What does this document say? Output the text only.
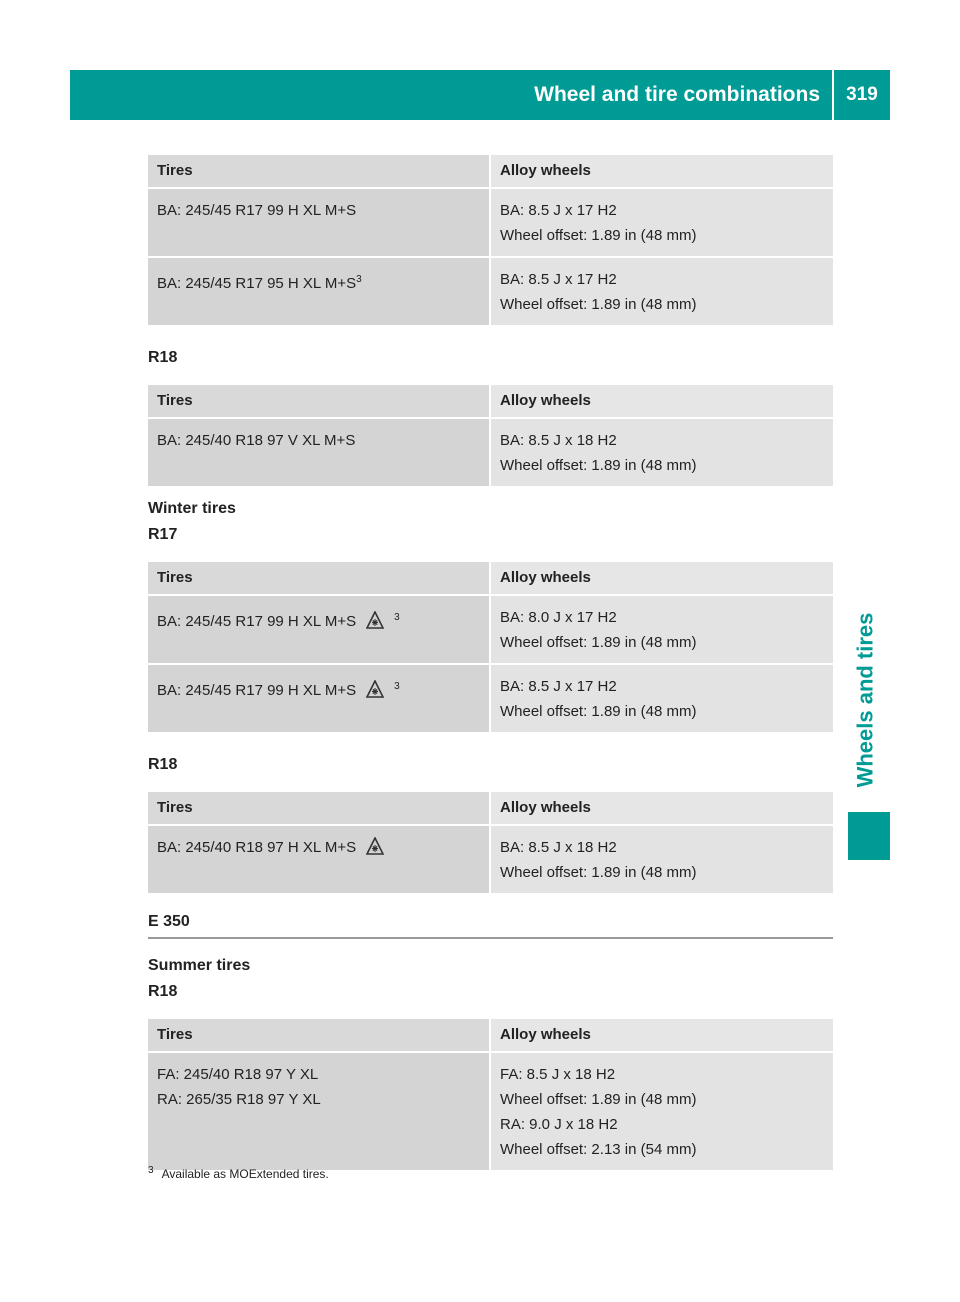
Wheel and tire combinations	319
Wheels and tires
Tires	Alloy wheels

BA: 245/45 R17 99 H XL M+S	BA: 8.5 J x 17 H2
Wheel offset: 1.89 in (48 mm)

BA: 245/45 R17 95 H XL $M+S^3$	BA: 8.5 J x 17 H2
Wheel offset: 1.89 in (48 mm)
R18
Tires	Alloy wheels

BA: 245/40 R18 97 V XL M+S	BA: 8.5 J x 18 H2
Wheel offset: 1.89 in (48 mm)
Winter tires
R17
Tires	Alloy wheels

BA: 245/45 R17 99 H XL M+S $^3$	BA: 8.0 J x 17 H2
Wheel offset: 1.89 in (48 mm)

BA: 245/45 R17 99 H XL M+S $^3$	BA: 8.5 J x 17 H2
Wheel offset: 1.89 in (48 mm)
R18
Tires	Alloy wheels

BA: 245/40 R18 97 H XL M+S	BA: 8.5 J x 18 H2
Wheel offset: 1.89 in (48 mm)
E 350
Summer tires
R18
Tires	Alloy wheels

FA: 245/40 R18 97 Y XL
RA: 265/35 R18 97 Y XL	FA: 8.5 J x 18 H2
Wheel offset: 1.89 in (48 mm)
RA: 9.0 J x 18 H2
Wheel offset: 2.13 in (54 mm)
$^3$ Available as MOExtended tires.
